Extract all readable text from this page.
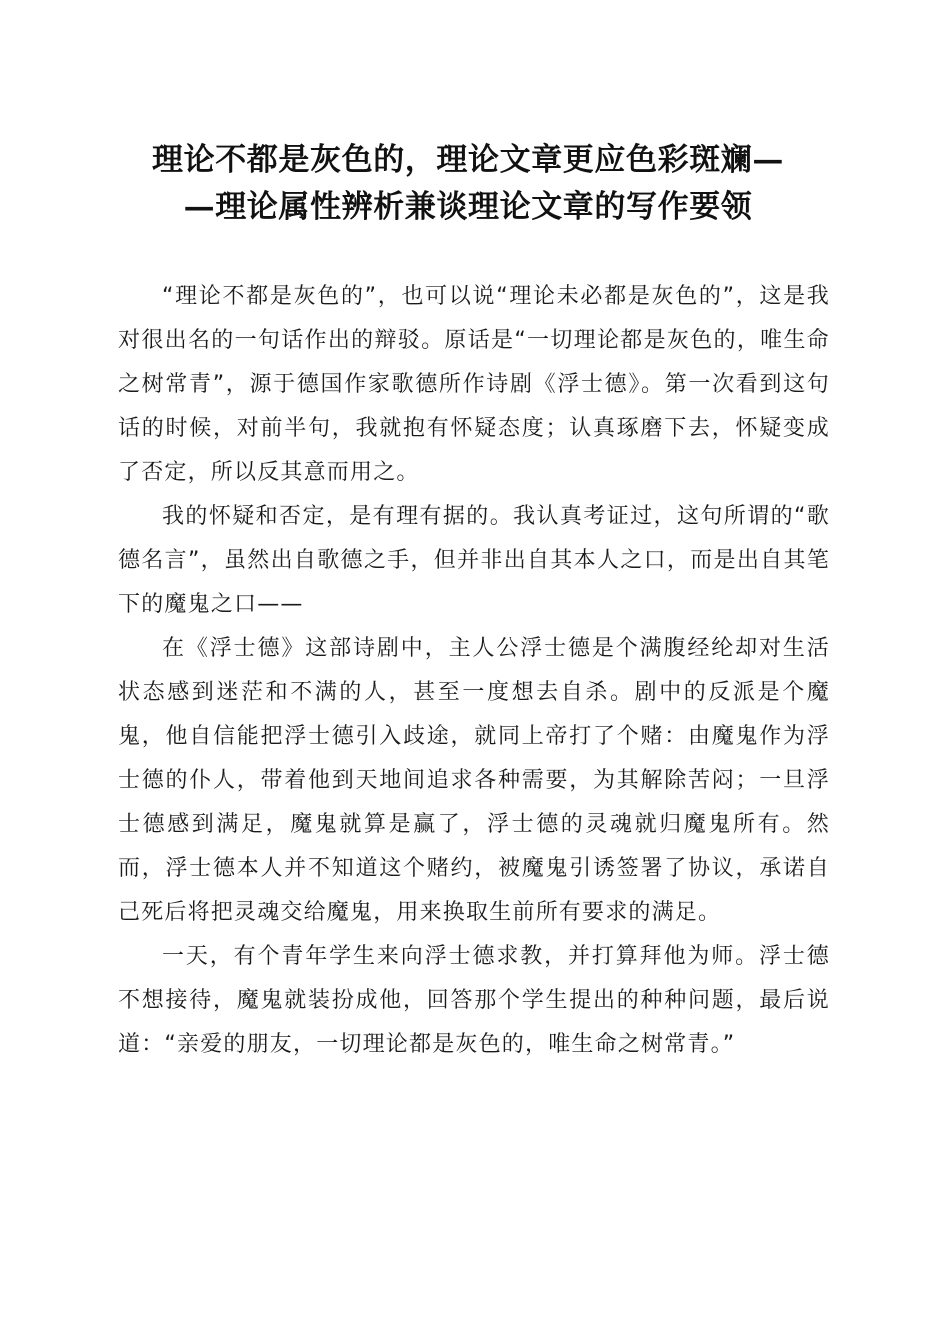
理论不都是灰色的，理论文章更应色彩斑斓—
—理论属性辨析兼谈理论文章的写作要领

“理论不都是灰色的”，也可以说“理论未必都是灰色的”，这是我对很出名的一句话作出的辩驳。原话是“一切理论都是灰色的，唯生命之树常青”，源于德国作家歌德所作诗剧《浮士德》。第一次看到这句话的时候，对前半句，我就抱有怀疑态度；认真琢磨下去，怀疑变成了否定，所以反其意而用之。

我的怀疑和否定，是有理有据的。我认真考证过，这句所谓的“歌德名言”，虽然出自歌德之手，但并非出自其本人之口，而是出自其笔下的魔鬼之口——

在《浮士德》这部诗剧中，主人公浮士德是个满腹经纶却对生活状态感到迷茫和不满的人，甚至一度想去自杀。剧中的反派是个魔鬼，他自信能把浮士德引入歧途，就同上帝打了个赌：由魔鬼作为浮士德的仆人，带着他到天地间追求各种需要，为其解除苦闷；一旦浮士德感到满足，魔鬼就算是赢了，浮士德的灵魂就归魔鬼所有。然而，浮士德本人并不知道这个赌约，被魔鬼引诱签署了协议，承诺自己死后将把灵魂交给魔鬼，用来换取生前所有要求的满足。

一天，有个青年学生来向浮士德求教，并打算拜他为师。浮士德不想接待，魔鬼就装扮成他，回答那个学生提出的种种问题，最后说道：“亲爱的朋友，一切理论都是灰色的，唯生命之树常青。”
